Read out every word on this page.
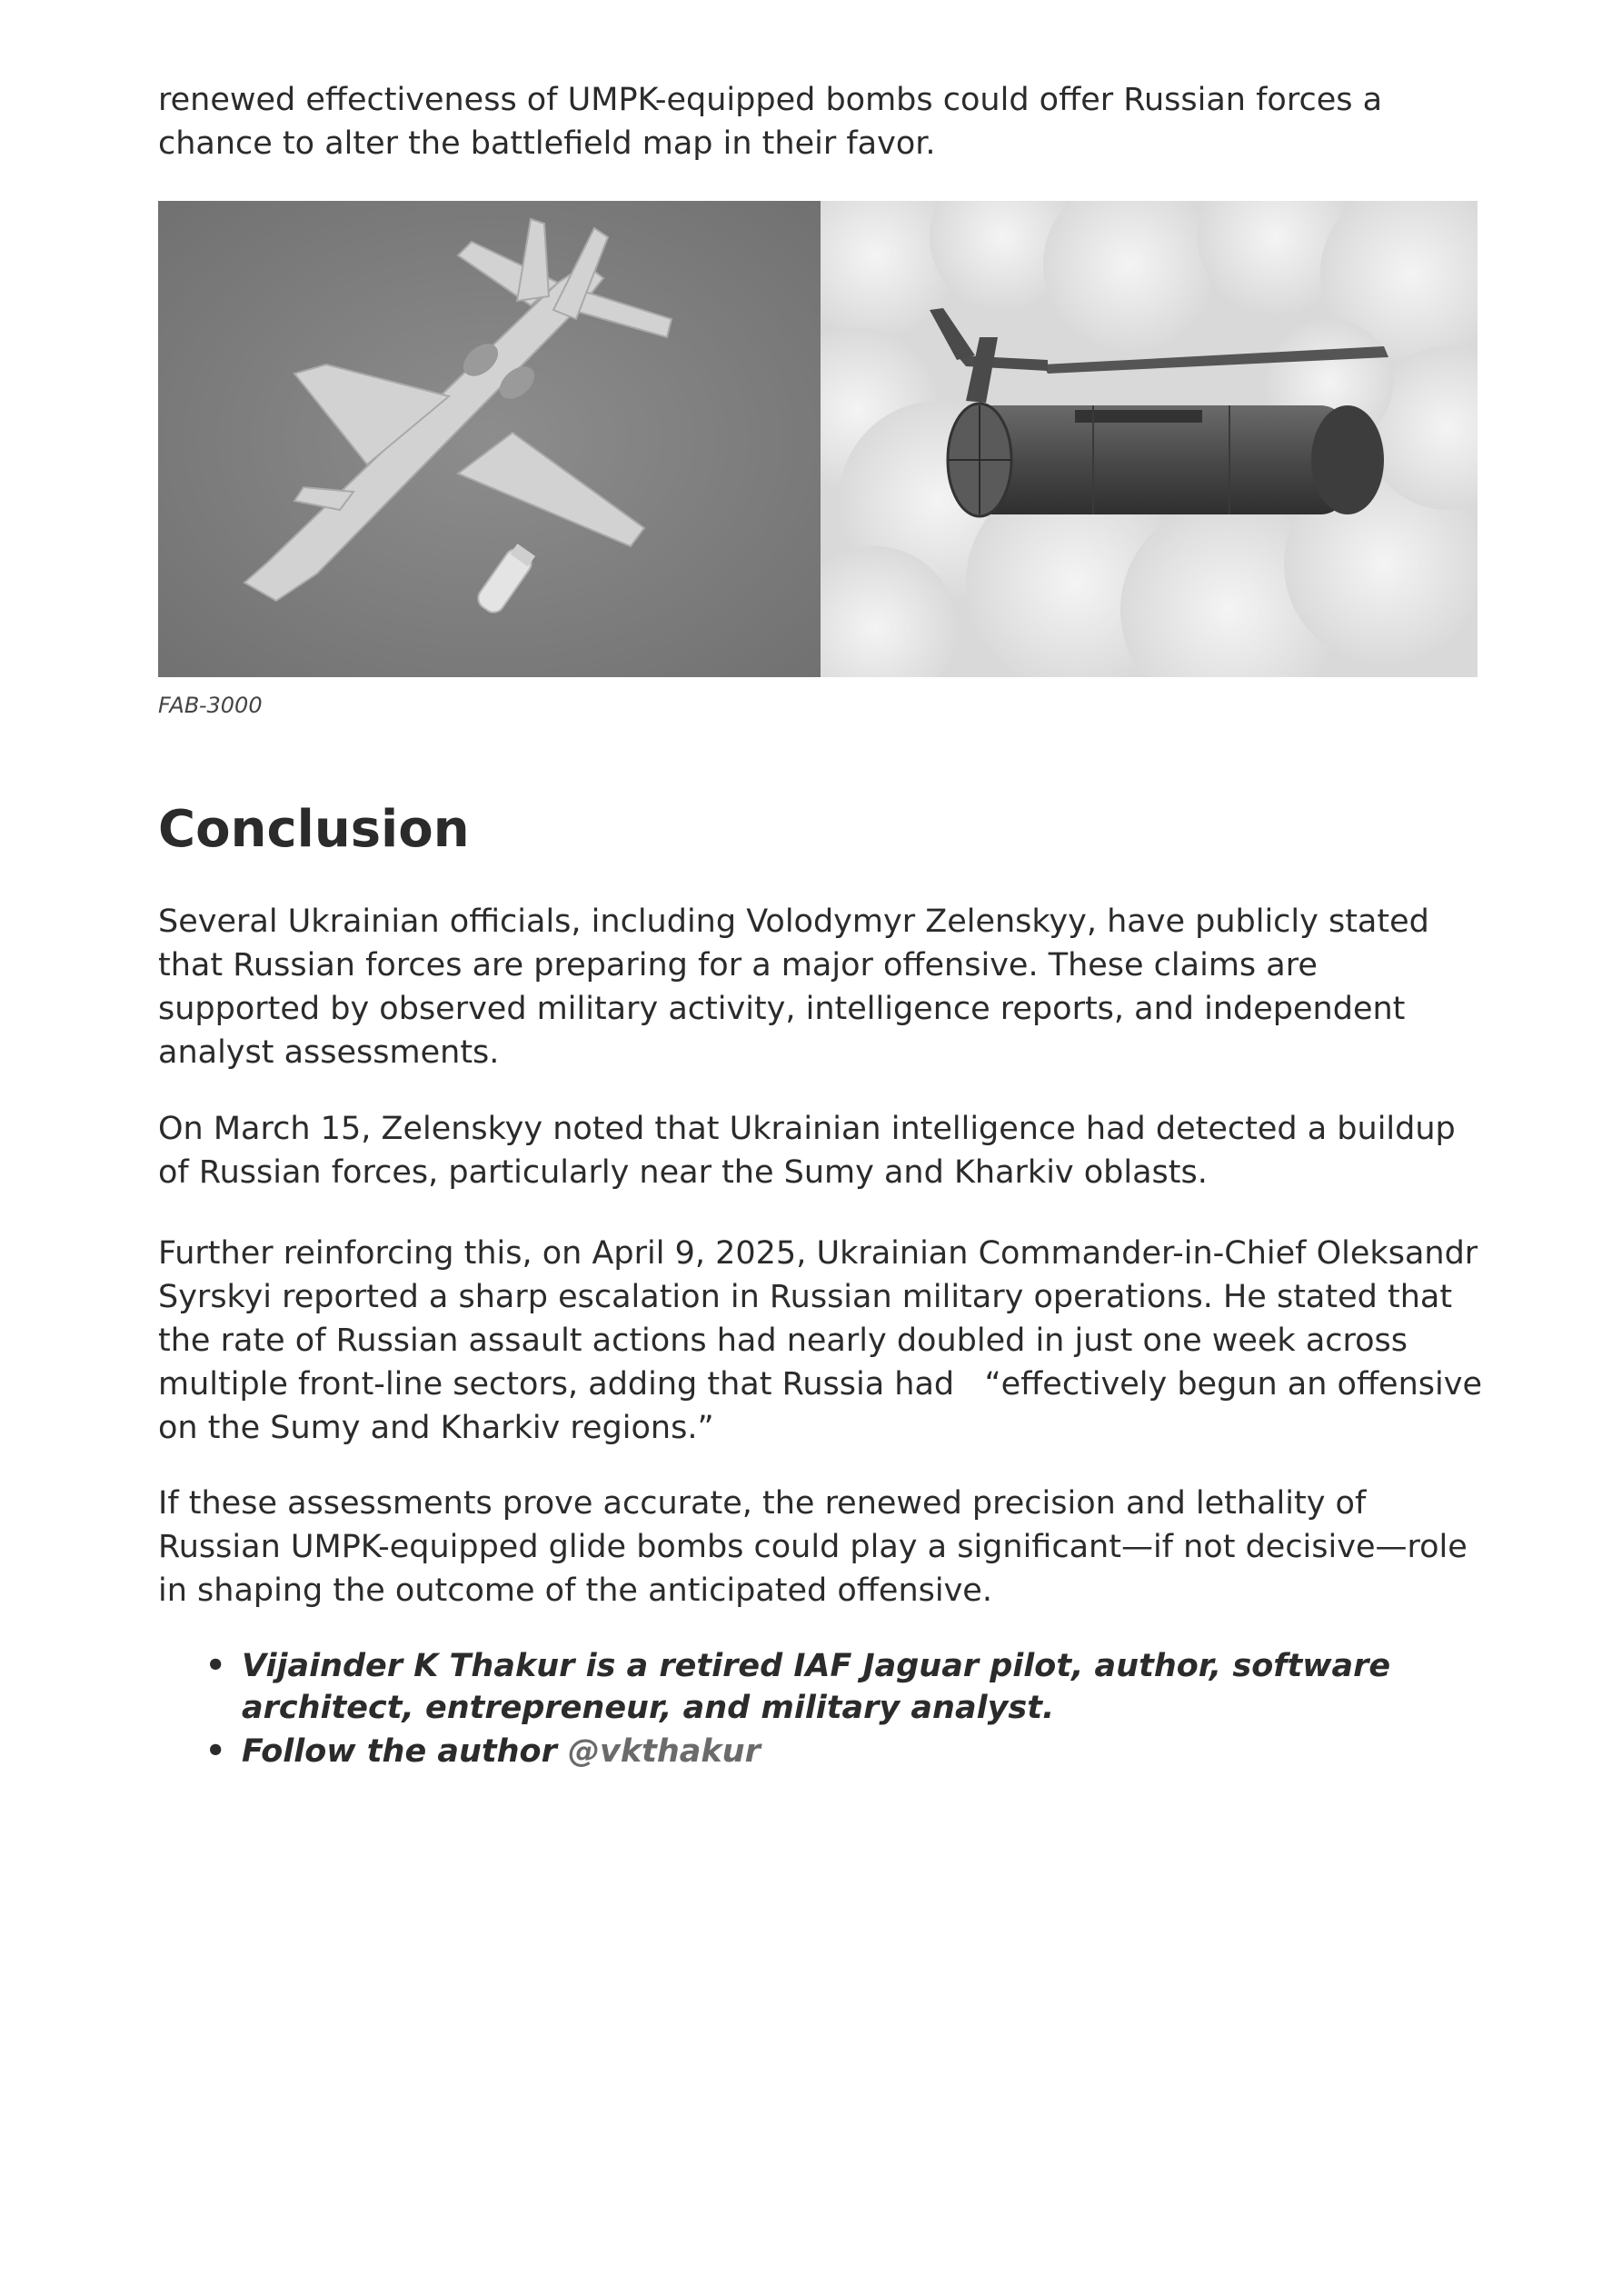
renewed effectiveness of UMPK-equipped bombs could offer Russian forces a chance to alter the battlefield map in their favor.

FAB-3000

Conclusion

Several Ukrainian officials, including Volodymyr Zelenskyy, have publicly stated that Russian forces are preparing for a major offensive. These claims are supported by observed military activity, intelligence reports, and independent analyst assessments.

On March 15, Zelenskyy noted that Ukrainian intelligence had detected a buildup of Russian forces, particularly near the Sumy and Kharkiv oblasts.

Further reinforcing this, on April 9, 2025, Ukrainian Commander-in-Chief Oleksandr Syrskyi reported a sharp escalation in Russian military operations. He stated that the rate of Russian assault actions had nearly doubled in just one week across multiple front-line sectors, adding that Russia had   “effectively begun an offensive on the Sumy and Kharkiv regions.”

If these assessments prove accurate, the renewed precision and lethality of Russian UMPK-equipped glide bombs could play a significant—if not decisive—role in shaping the outcome of the anticipated offensive.

• Vijainder K Thakur is a retired IAF Jaguar pilot, author, software architect, entrepreneur, and military analyst.
• Follow the author @vkthakur
